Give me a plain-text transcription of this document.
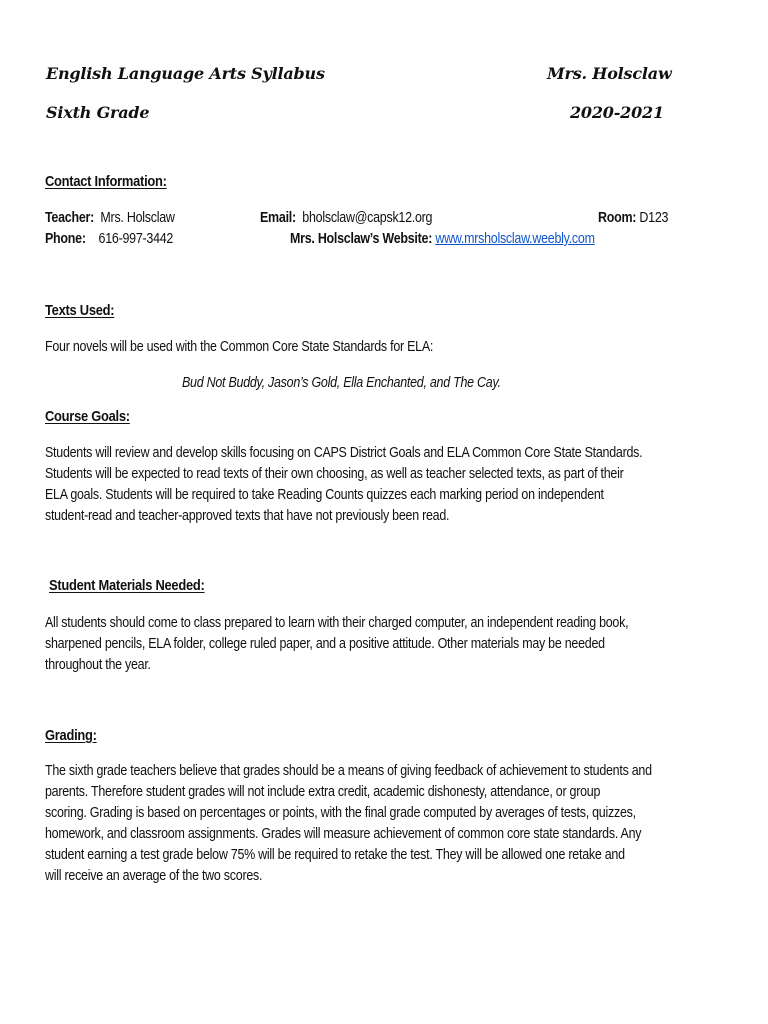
English Language Arts Syllabus	Mrs. Holsclaw
Sixth Grade	2020-2021
Contact Information:
Teacher: Mrs. Holsclaw	Email: bholsclaw@capsk12.org	Room: D123
Phone: 616-997-3442	Mrs. Holsclaw’s Website: www.mrsholsclaw.weebly.com
Texts Used:
Four novels will be used with the Common Core State Standards for ELA:
Bud Not Buddy, Jason’s Gold, Ella Enchanted, and The Cay.
Course Goals:
Students will review and develop skills focusing on CAPS District Goals and ELA Common Core State Standards.
Students will be expected to read texts of their own choosing, as well as teacher selected texts, as part of their
ELA goals. Students will be required to take Reading Counts quizzes each marking period on independent
student-read and teacher-approved texts that have not previously been read.
Student Materials Needed:
All students should come to class prepared to learn with their charged computer, an independent reading book,
sharpened pencils, ELA folder, college ruled paper, and a positive attitude. Other materials may be needed
throughout the year.
Grading:
The sixth grade teachers believe that grades should be a means of giving feedback of achievement to students and
parents. Therefore student grades will not include extra credit, academic dishonesty, attendance, or group
scoring. Grading is based on percentages or points, with the final grade computed by averages of tests, quizzes,
homework, and classroom assignments. Grades will measure achievement of common core state standards. Any
student earning a test grade below 75% will be required to retake the test. They will be allowed one retake and
will receive an average of the two scores.
